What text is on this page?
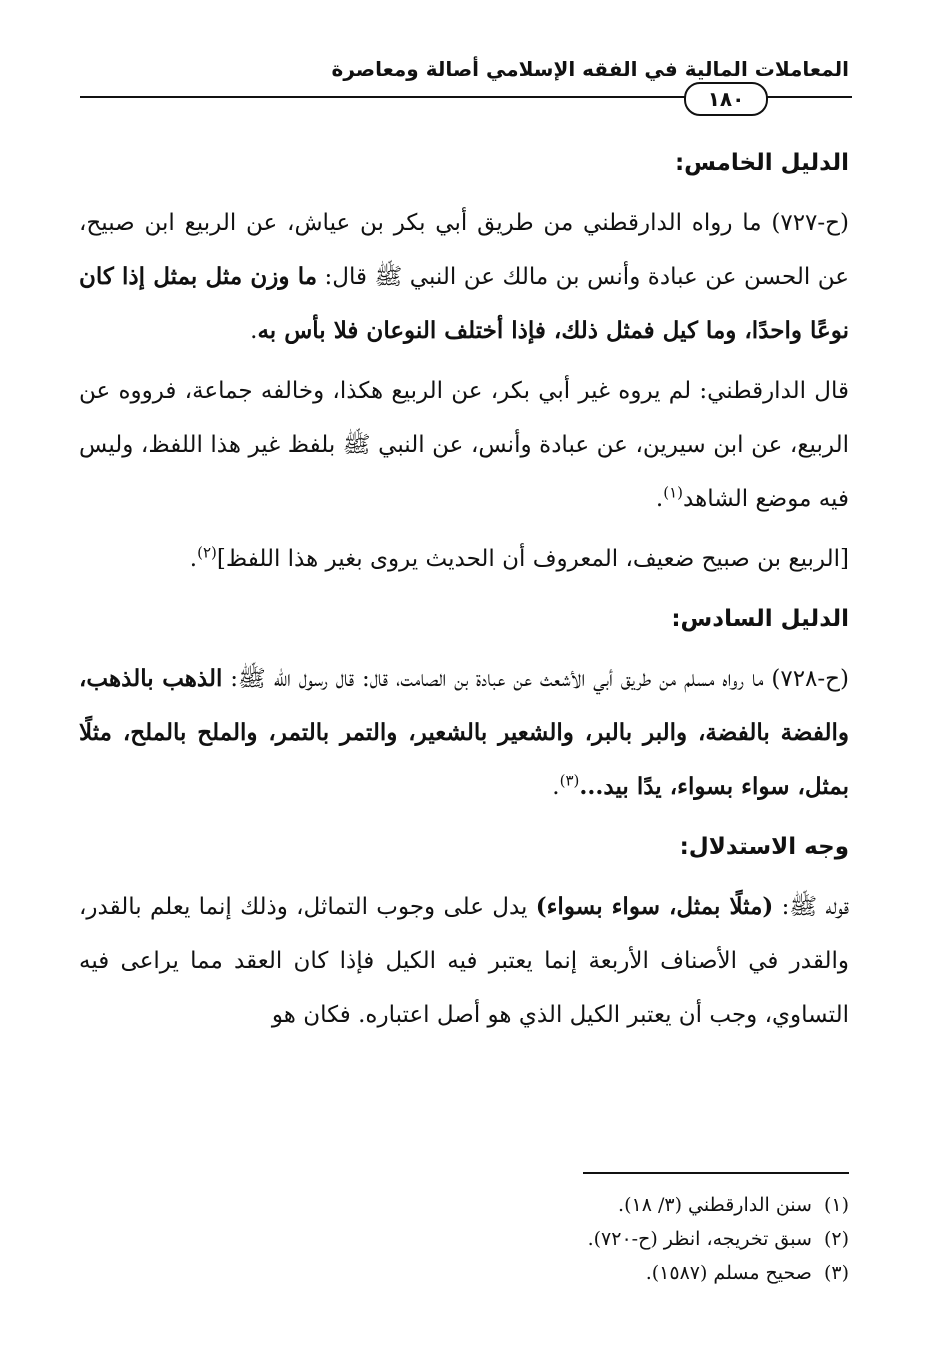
المعاملات المالية في الفقه الإسلامي أصالة ومعاصرة
١٨٠

الدليل الخامس:

(ح-٧٢٧) ما رواه الدارقطني من طريق أبي بكر بن عياش، عن الربيع ابن صبيح، عن الحسن عن عبادة وأنس بن مالك عن النبي ﷺ قال: ما وزن مثل بمثل إذا كان نوعًا واحدًا، وما كيل فمثل ذلك، فإذا أختلف النوعان فلا بأس به.

قال الدارقطني: لم يروه غير أبي بكر، عن الربيع هكذا، وخالفه جماعة، فرووه عن الربيع، عن ابن سيرين، عن عبادة وأنس، عن النبي ﷺ بلفظ غير هذا اللفظ، وليس فيه موضع الشاهد$^{(١)}$.

[الربيع بن صبيح ضعيف، المعروف أن الحديث يروى بغير هذا اللفظ]$^{(٢)}$.

الدليل السادس:

(ح-٧٢٨) ما رواه مسلم من طريق أبي الأشعث عن عبادة بن الصامت، قال: قال رسول الله ﷺ: الذهب بالذهب، والفضة بالفضة، والبر بالبر، والشعير بالشعير، والتمر بالتمر، والملح بالملح، مثلًا بمثل، سواء بسواء، يدًا بيد...$^{(٣)}$.

وجه الاستدلال:

قوله ﷺ: (مثلًا بمثل، سواء بسواء) يدل على وجوب التماثل، وذلك إنما يعلم بالقدر، والقدر في الأصناف الأربعة إنما يعتبر فيه الكيل فإذا كان العقد مما يراعى فيه التساوي، وجب أن يعتبر الكيل الذي هو أصل اعتباره. فكان هو

(١)سنن الدارقطني (٣/ ١٨).
(٢)سبق تخريجه، انظر (ح-٧٢٠).
(٣)صحيح مسلم (١٥٨٧).
